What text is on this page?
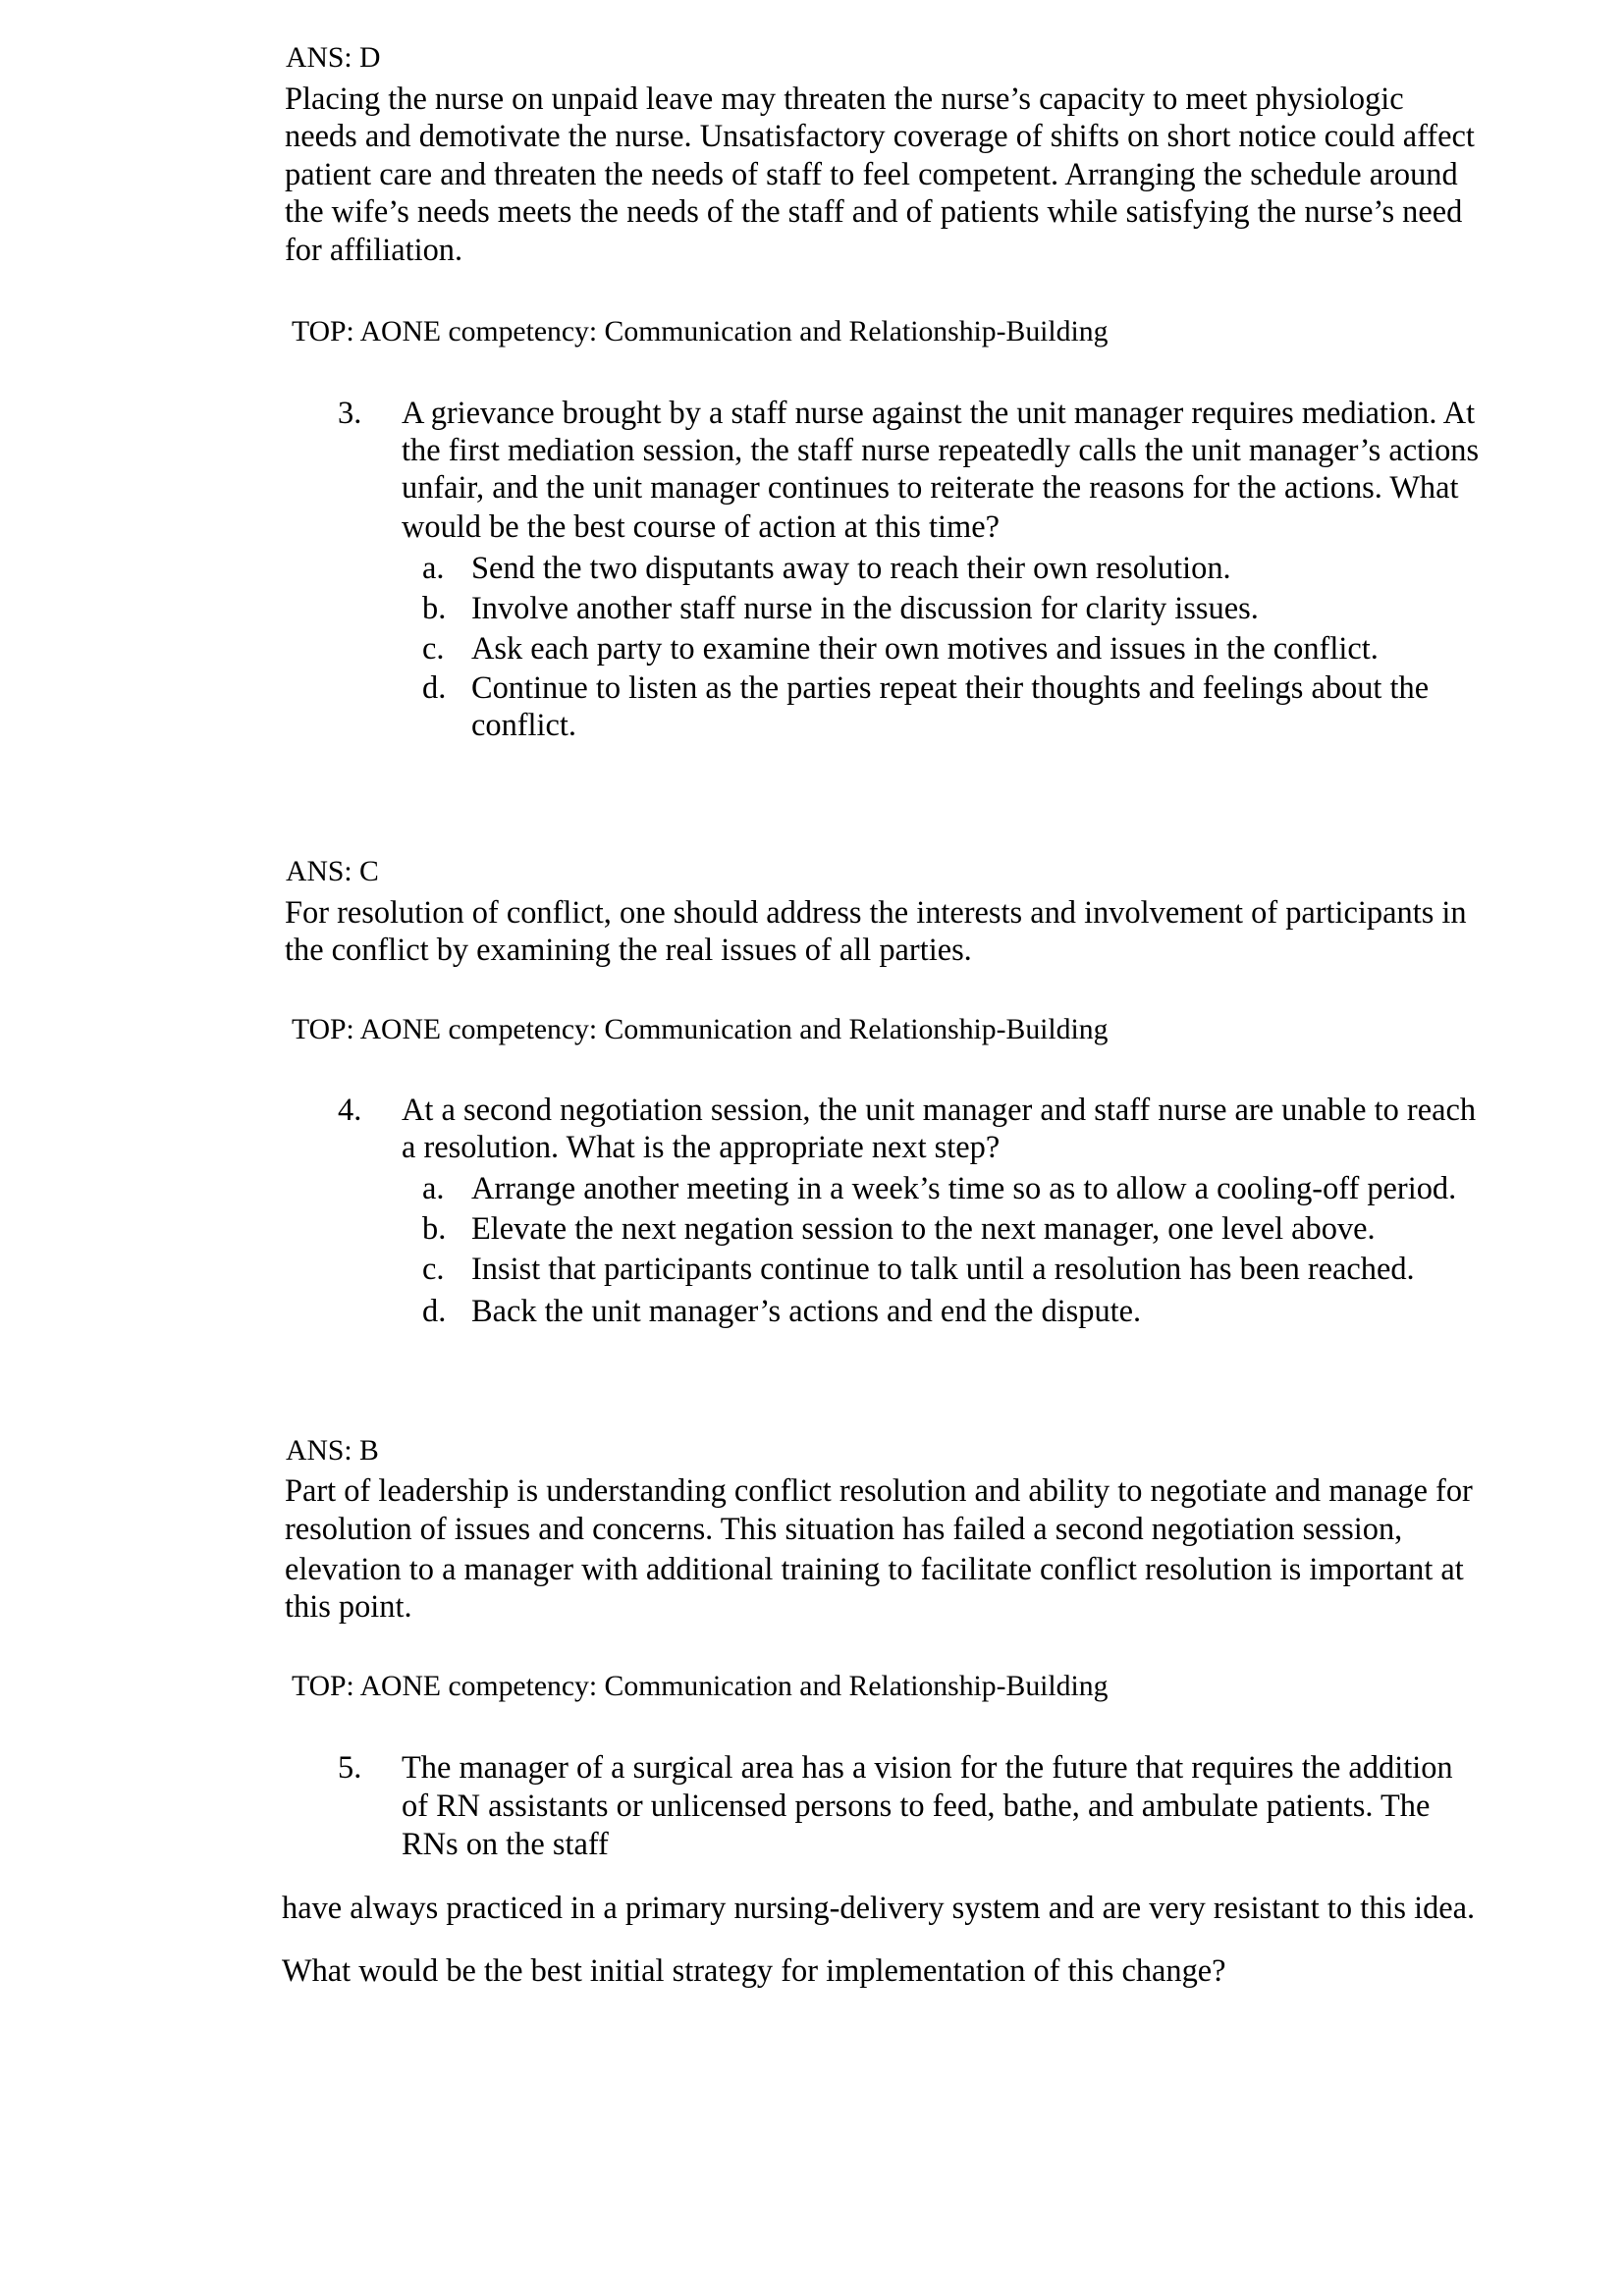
ANS: D
Placing the nurse on unpaid leave may threaten the nurse’s capacity to meet physiologic
needs and demotivate the nurse. Unsatisfactory coverage of shifts on short notice could affect
patient care and threaten the needs of staff to feel competent. Arranging the schedule around
the wife’s needs meets the needs of the staff and of patients while satisfying the nurse’s need
for affiliation.
TOP: AONE competency: Communication and Relationship-Building
3. A grievance brought by a staff nurse against the unit manager requires mediation. At
the first mediation session, the staff nurse repeatedly calls the unit manager’s actions
unfair, and the unit manager continues to reiterate the reasons for the actions. What
would be the best course of action at this time?
a. Send the two disputants away to reach their own resolution.
b. Involve another staff nurse in the discussion for clarity issues.
c. Ask each party to examine their own motives and issues in the conflict.
d. Continue to listen as the parties repeat their thoughts and feelings about the
conflict.
ANS: C
For resolution of conflict, one should address the interests and involvement of participants in
the conflict by examining the real issues of all parties.
TOP: AONE competency: Communication and Relationship-Building
4. At a second negotiation session, the unit manager and staff nurse are unable to reach
a resolution. What is the appropriate next step?
a. Arrange another meeting in a week’s time so as to allow a cooling-off period.
b. Elevate the next negation session to the next manager, one level above.
c. Insist that participants continue to talk until a resolution has been reached.
d. Back the unit manager’s actions and end the dispute.
ANS: B
Part of leadership is understanding conflict resolution and ability to negotiate and manage for
resolution of issues and concerns. This situation has failed a second negotiation session,
elevation to a manager with additional training to facilitate conflict resolution is important at
this point.
TOP: AONE competency: Communication and Relationship-Building
5. The manager of a surgical area has a vision for the future that requires the addition
of RN assistants or unlicensed persons to feed, bathe, and ambulate patients. The
RNs on the staff
have always practiced in a primary nursing-delivery system and are very resistant to this idea.
What would be the best initial strategy for implementation of this change?
